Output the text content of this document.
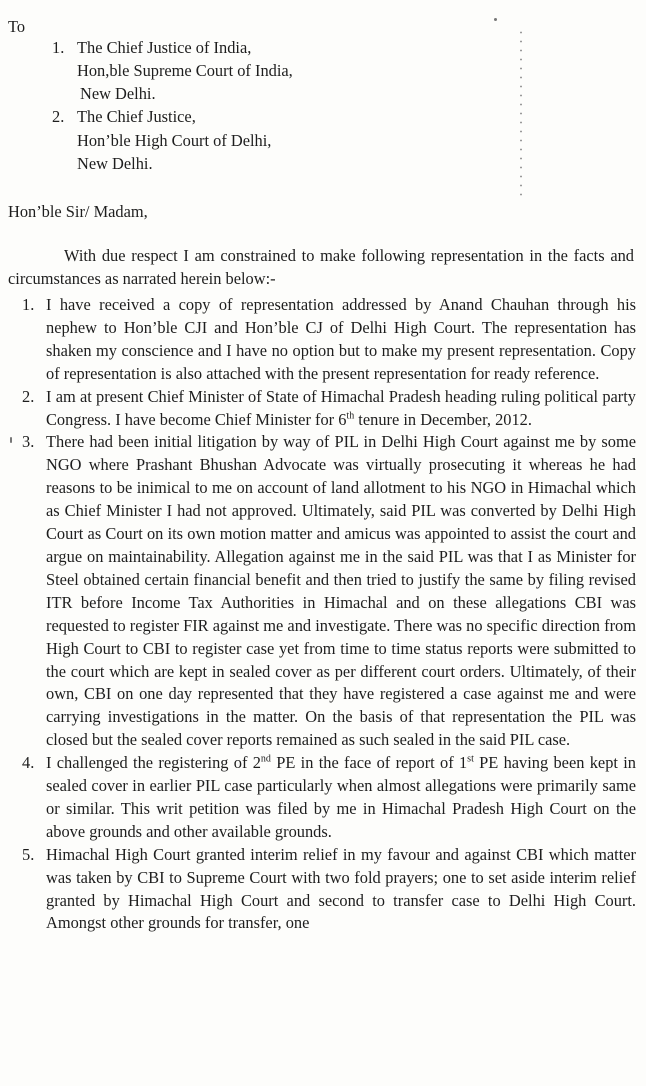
To
1. The Chief Justice of India,
Hon,ble Supreme Court of India,
New Delhi.
2. The Chief Justice,
Hon’ble High Court of Delhi,
New Delhi.
Hon’ble Sir/ Madam,

With due respect I am constrained to make following representation in the facts and circumstances as narrated herein below:-

1. I have received a copy of representation addressed by Anand Chauhan through his nephew to Hon’ble CJI and Hon’ble CJ of Delhi High Court. The representation has shaken my conscience and I have no option but to make my present representation. Copy of representation is also attached with the present representation for ready reference.
2. I am at present Chief Minister of State of Himachal Pradesh heading ruling political party Congress. I have become Chief Minister for 6th tenure in December, 2012.
3. There had been initial litigation by way of PIL in Delhi High Court against me by some NGO where Prashant Bhushan Advocate was virtually prosecuting it whereas he had reasons to be inimical to me on account of land allotment to his NGO in Himachal which as Chief Minister I had not approved. Ultimately, said PIL was converted by Delhi High Court as Court on its own motion matter and amicus was appointed to assist the court and argue on maintainability. Allegation against me in the said PIL was that I as Minister for Steel obtained certain financial benefit and then tried to justify the same by filing revised ITR before Income Tax Authorities in Himachal and on these allegations CBI was requested to register FIR against me and investigate. There was no specific direction from High Court to CBI to register case yet from time to time status reports were submitted to the court which are kept in sealed cover as per different court orders. Ultimately, of their own, CBI on one day represented that they have registered a case against me and were carrying investigations in the matter. On the basis of that representation the PIL was closed but the sealed cover reports remained as such sealed in the said PIL case.
4. I challenged the registering of 2nd PE in the face of report of 1st PE having been kept in sealed cover in earlier PIL case particularly when almost allegations were primarily same or similar. This writ petition was filed by me in Himachal Pradesh High Court on the above grounds and other available grounds.
5. Himachal High Court granted interim relief in my favour and against CBI which matter was taken by CBI to Supreme Court with two fold prayers; one to set aside interim relief granted by Himachal High Court and second to transfer case to Delhi High Court. Amongst other grounds for transfer, one
